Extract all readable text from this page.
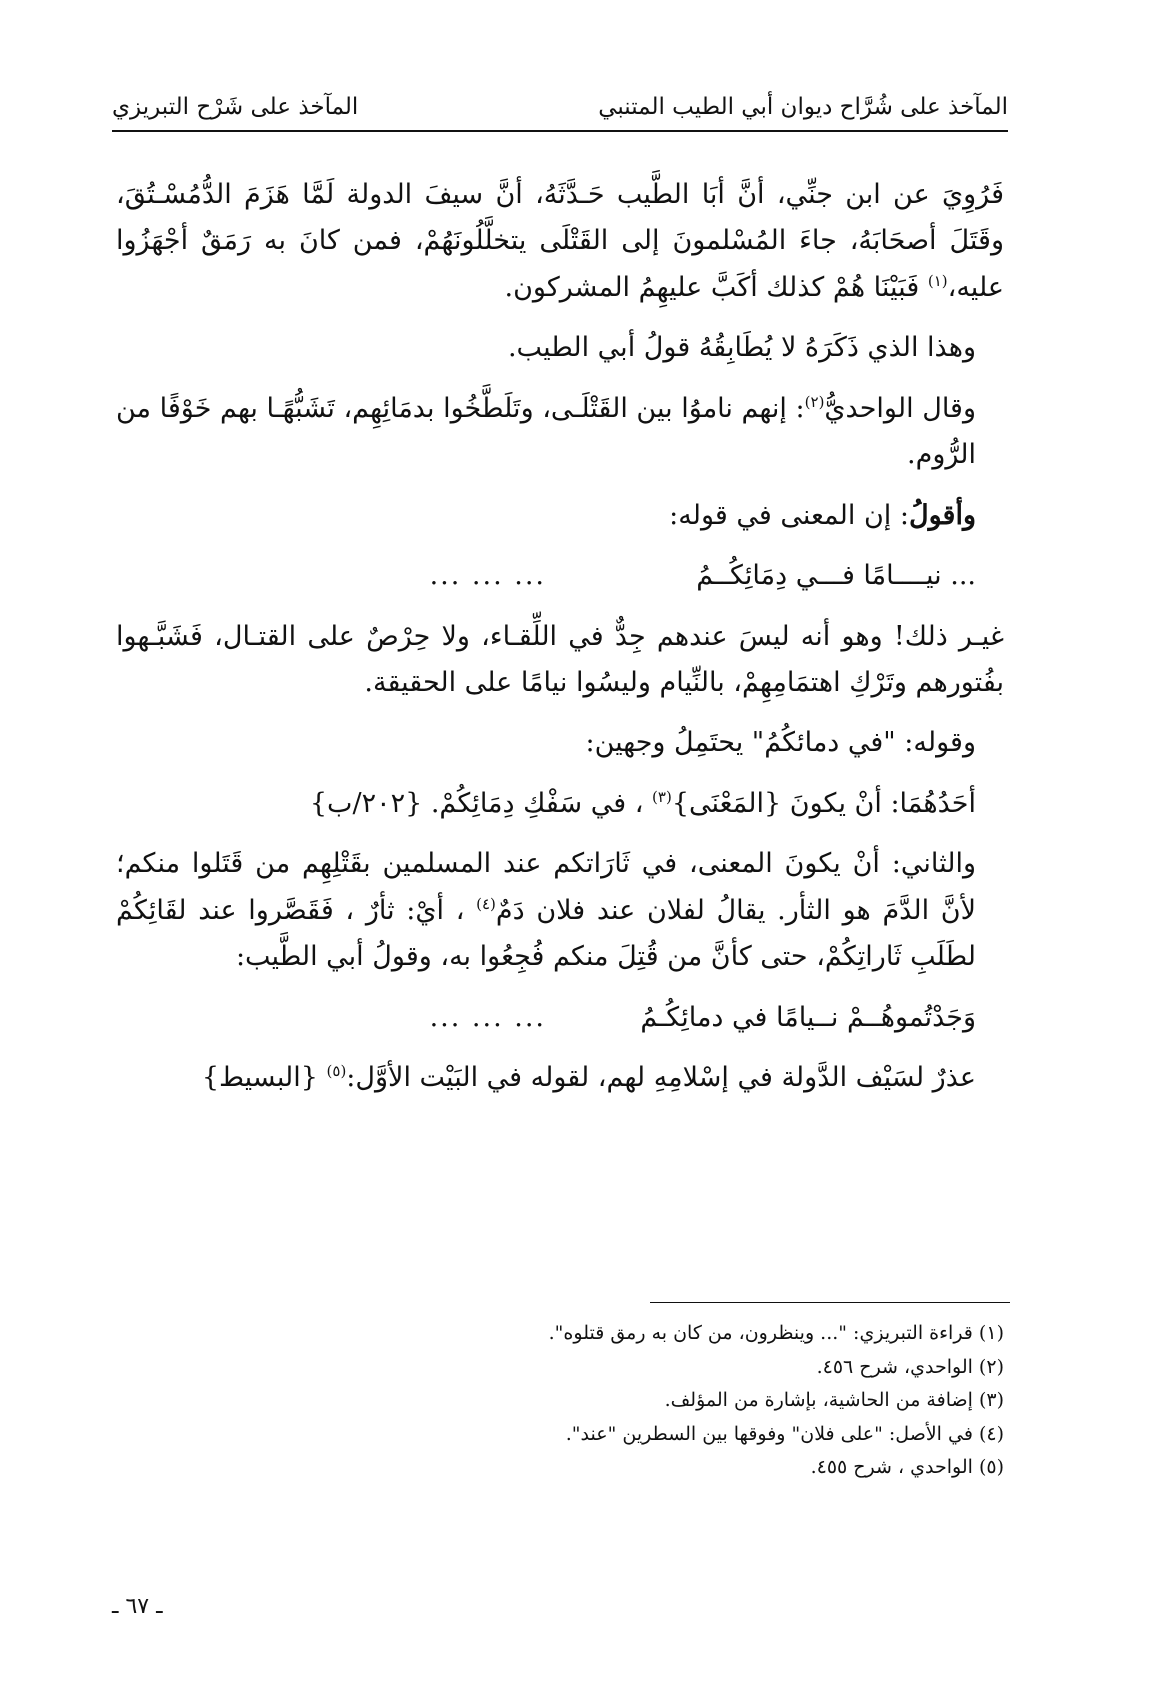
المآخذ على شُرَّاح ديوان أبي الطيب المتنبي
المآخذ على شَرْح التبريزي

فَرُوِيَ عن ابن جنِّي، أنَّ أبَا الطَّيب حَـدَّثَهُ، أنَّ سيفَ الدولة لَمَّا هَزَمَ الدُّمُسْـتُقَ، وقَتَلَ أصحَابَهُ، جاءَ المُسْلمونَ إلى القَتْلَى يتخلَّلُونَهُمْ، فمن كانَ به رَمَقٌ أجْهَزُوا عليه،$^{(١)}$ فَبَيْنَا هُمْ كذلك أكَبَّ عليهِمُ المشركون.

وهذا الذي ذَكَرَهُ لا يُطَابِقُهُ قولُ أبي الطيب.

وقال الواحديُّ$^{(٢)}$: إنهم ناموُا بين القَتْلَـى، وتَلَطَّخُوا بدمَائِهِم، تَشَبُّهًـا بهم خَوْفًا من الرُّوم.

وأقولُ: إن المعنى في قوله:

... نيــــامًا فـــي دِمَائِكُــمُ
... ... ...

غيـر ذلك! وهو أنه ليسَ عندهم جِدٌّ في اللِّقـاء، ولا حِرْصٌ على القتـال، فَشَبَّـهوا بفُتورهم وتَرْكِ اهتمَامِهِمْ، بالنِّيام وليسُوا نيامًا على الحقيقة.

وقوله: "في دمائكُمُ" يحتَمِلُ وجهين:

أحَدُهُمَا: أنْ يكونَ {المَعْنَى}$^{(٣)}$ ، في سَفْكِ دِمَائِكُمْ. {٢٠٢/ب}

والثاني: أنْ يكونَ المعنى، في ثَارَاتكم عند المسلمين بقَتْلِهِم من قَتَلوا منكم؛ لأنَّ الدَّمَ هو الثأر. يقالُ لفلان عند فلان دَمٌ$^{(٤)}$ ، أيْ: ثأرٌ ، فَقَصَّروا عند لقَائِكُمْ لطَلَبِ ثَاراتِكُمْ، حتى كأنَّ من قُتِلَ منكم فُجِعُوا به، وقولُ أبي الطَّيب:

وَجَدْتُموهُــمْ نــيامًا في دمائِكُـمُ
... ... ...

عذرٌ لسَيْف الدَّولة في إسْلامِهِ لهم، لقوله في البَيْت الأوَّل:$^{(٥)}$ {البسيط}

(١) قراءة التبريزي: "... وينظرون، من كان به رمق قتلوه".
(٢) الواحدي، شرح ٤٥٦.
(٣) إضافة من الحاشية، بإشارة من المؤلف.
(٤) في الأصل: "على فلان" وفوقها بين السطرين "عند".
(٥) الواحدي ، شرح ٤٥٥.
ـ ٦٧ ـ
